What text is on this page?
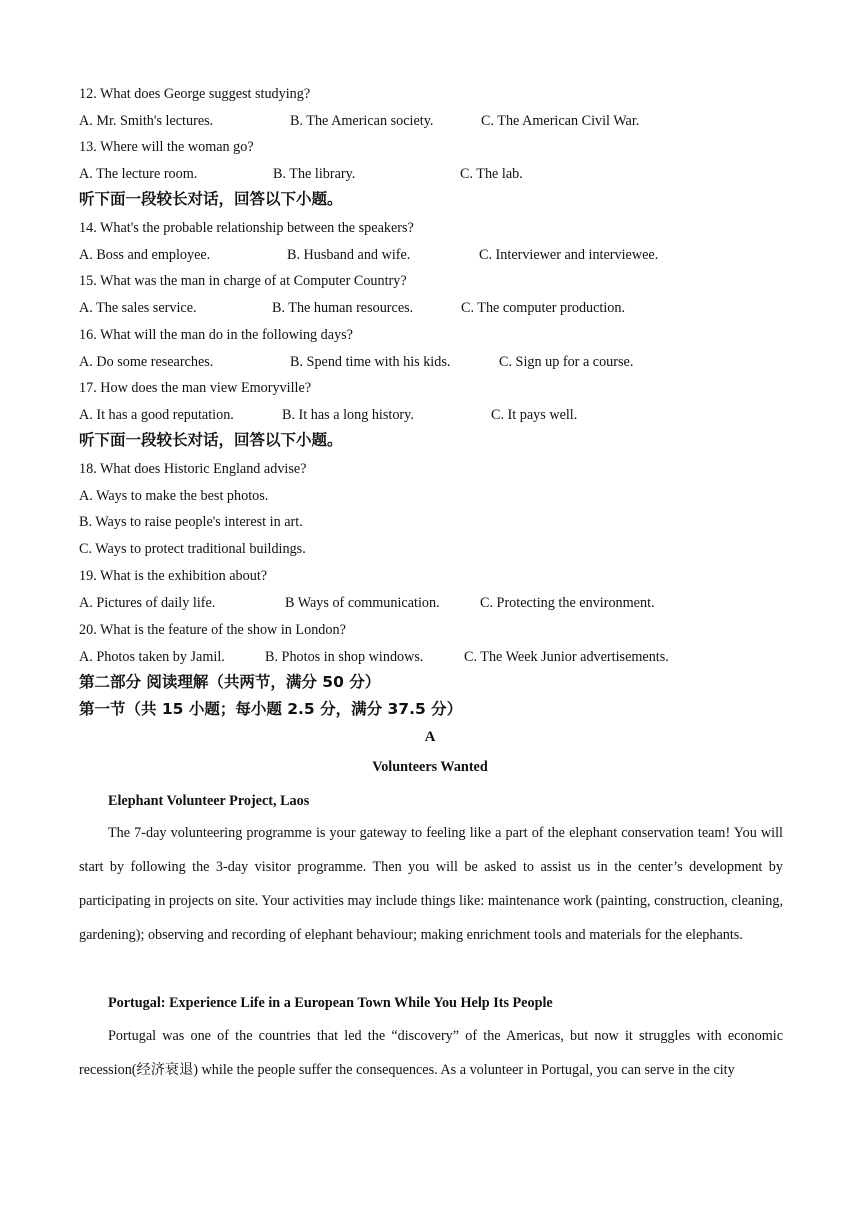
12. What does George suggest studying?
A. Mr. Smith's lectures.	B. The American society.	C. The American Civil War.
13. Where will the woman go?
A. The lecture room.	B. The library.	C. The lab.
听下面一段较长对话，回答以下小题。
14. What's the probable relationship between the speakers?
A. Boss and employee.	B. Husband and wife.	C. Interviewer and interviewee.
15. What was the man in charge of at Computer Country?
A. The sales service.	B. The human resources.	C. The computer production.
16. What will the man do in the following days?
A. Do some researches.	B. Spend time with his kids.	C. Sign up for a course.
17. How does the man view Emoryville?
A. It has a good reputation.	B. It has a long history.	C. It pays well.
听下面一段较长对话，回答以下小题。
18. What does Historic England advise?
A. Ways to make the best photos.
B. Ways to raise people's interest in art.
C. Ways to protect traditional buildings.
19. What is the exhibition about?
A. Pictures of daily life.	B Ways of communication.	C. Protecting the environment.
20. What is the feature of the show in London?
A. Photos taken by Jamil.	B. Photos in shop windows.	C. The Week Junior advertisements.
第二部分 阅读理解（共两节，满分 50 分）
第一节（共 15 小题；每小题 2.5 分，满分 37.5 分）
A
Volunteers Wanted
Elephant Volunteer Project, Laos

The 7-day volunteering programme is your gateway to feeling like a part of the elephant conservation team! You will start by following the 3-day visitor programme. Then you will be asked to assist us in the center’s development by participating in projects on site. Your activities may include things like: maintenance work (painting, construction, cleaning, gardening); observing and recording of elephant behaviour; making enrichment tools and materials for the elephants.

Portugal: Experience Life in a European Town While You Help Its People

Portugal was one of the countries that led the “discovery” of the Americas, but now it struggles with economic recession(经济衰退) while the people suffer the consequences. As a volunteer in Portugal, you can serve in the city
